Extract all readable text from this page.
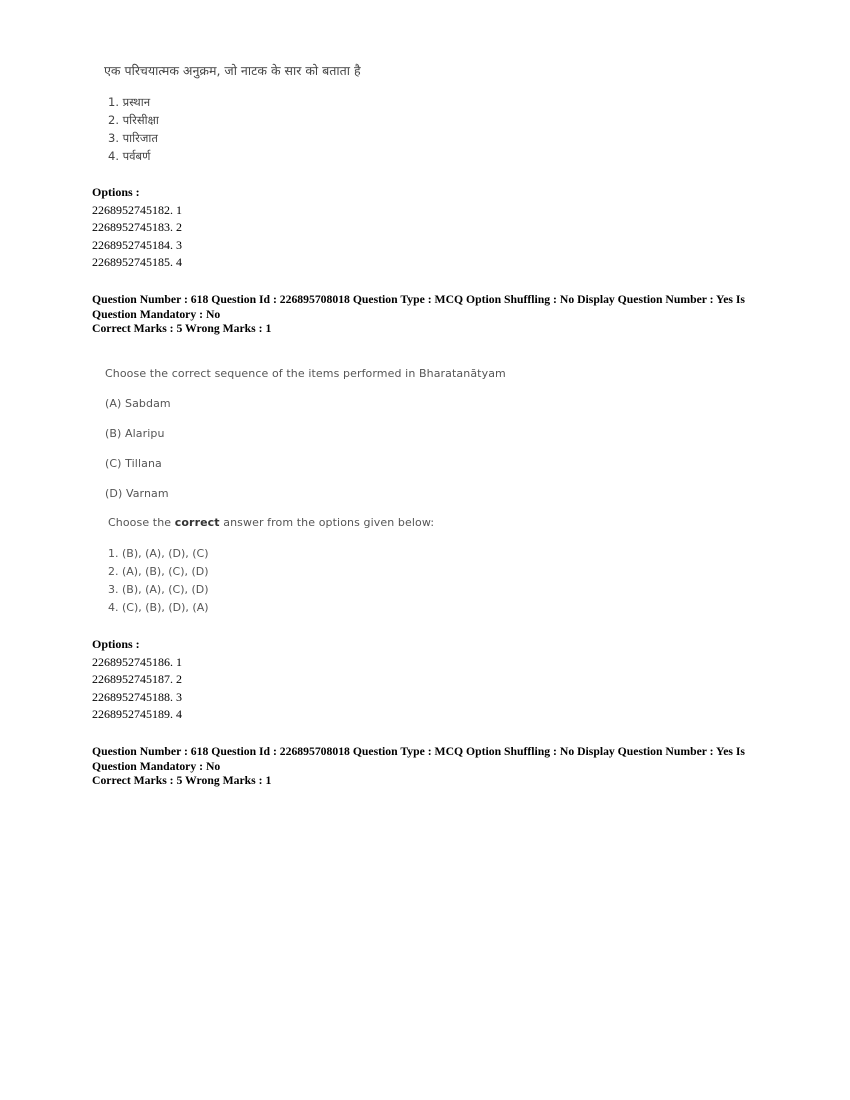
एक परिचयात्मक अनुक्रम, जो नाटक के सार को बताता है
1. प्रस्थान
2. परिसीक्षा
3. पारिजात
4. पर्वबर्ण
Options :
2268952745182. 1
2268952745183. 2
2268952745184. 3
2268952745185. 4
Question Number : 618 Question Id : 226895708018 Question Type : MCQ Option Shuffling : No Display Question Number : Yes Is
Question Mandatory : No
Correct Marks : 5 Wrong Marks : 1
Choose the correct sequence of the items performed in Bharatanātyam
(A) Sabdam
(B) Alaripu
(C) Tillana
(D) Varnam
Choose the correct answer from the options given below:
1. (B), (A), (D), (C)
2. (A), (B), (C), (D)
3. (B), (A), (C), (D)
4. (C), (B), (D), (A)
Options :
2268952745186. 1
2268952745187. 2
2268952745188. 3
2268952745189. 4
Question Number : 618 Question Id : 226895708018 Question Type : MCQ Option Shuffling : No Display Question Number : Yes Is
Question Mandatory : No
Correct Marks : 5 Wrong Marks : 1
